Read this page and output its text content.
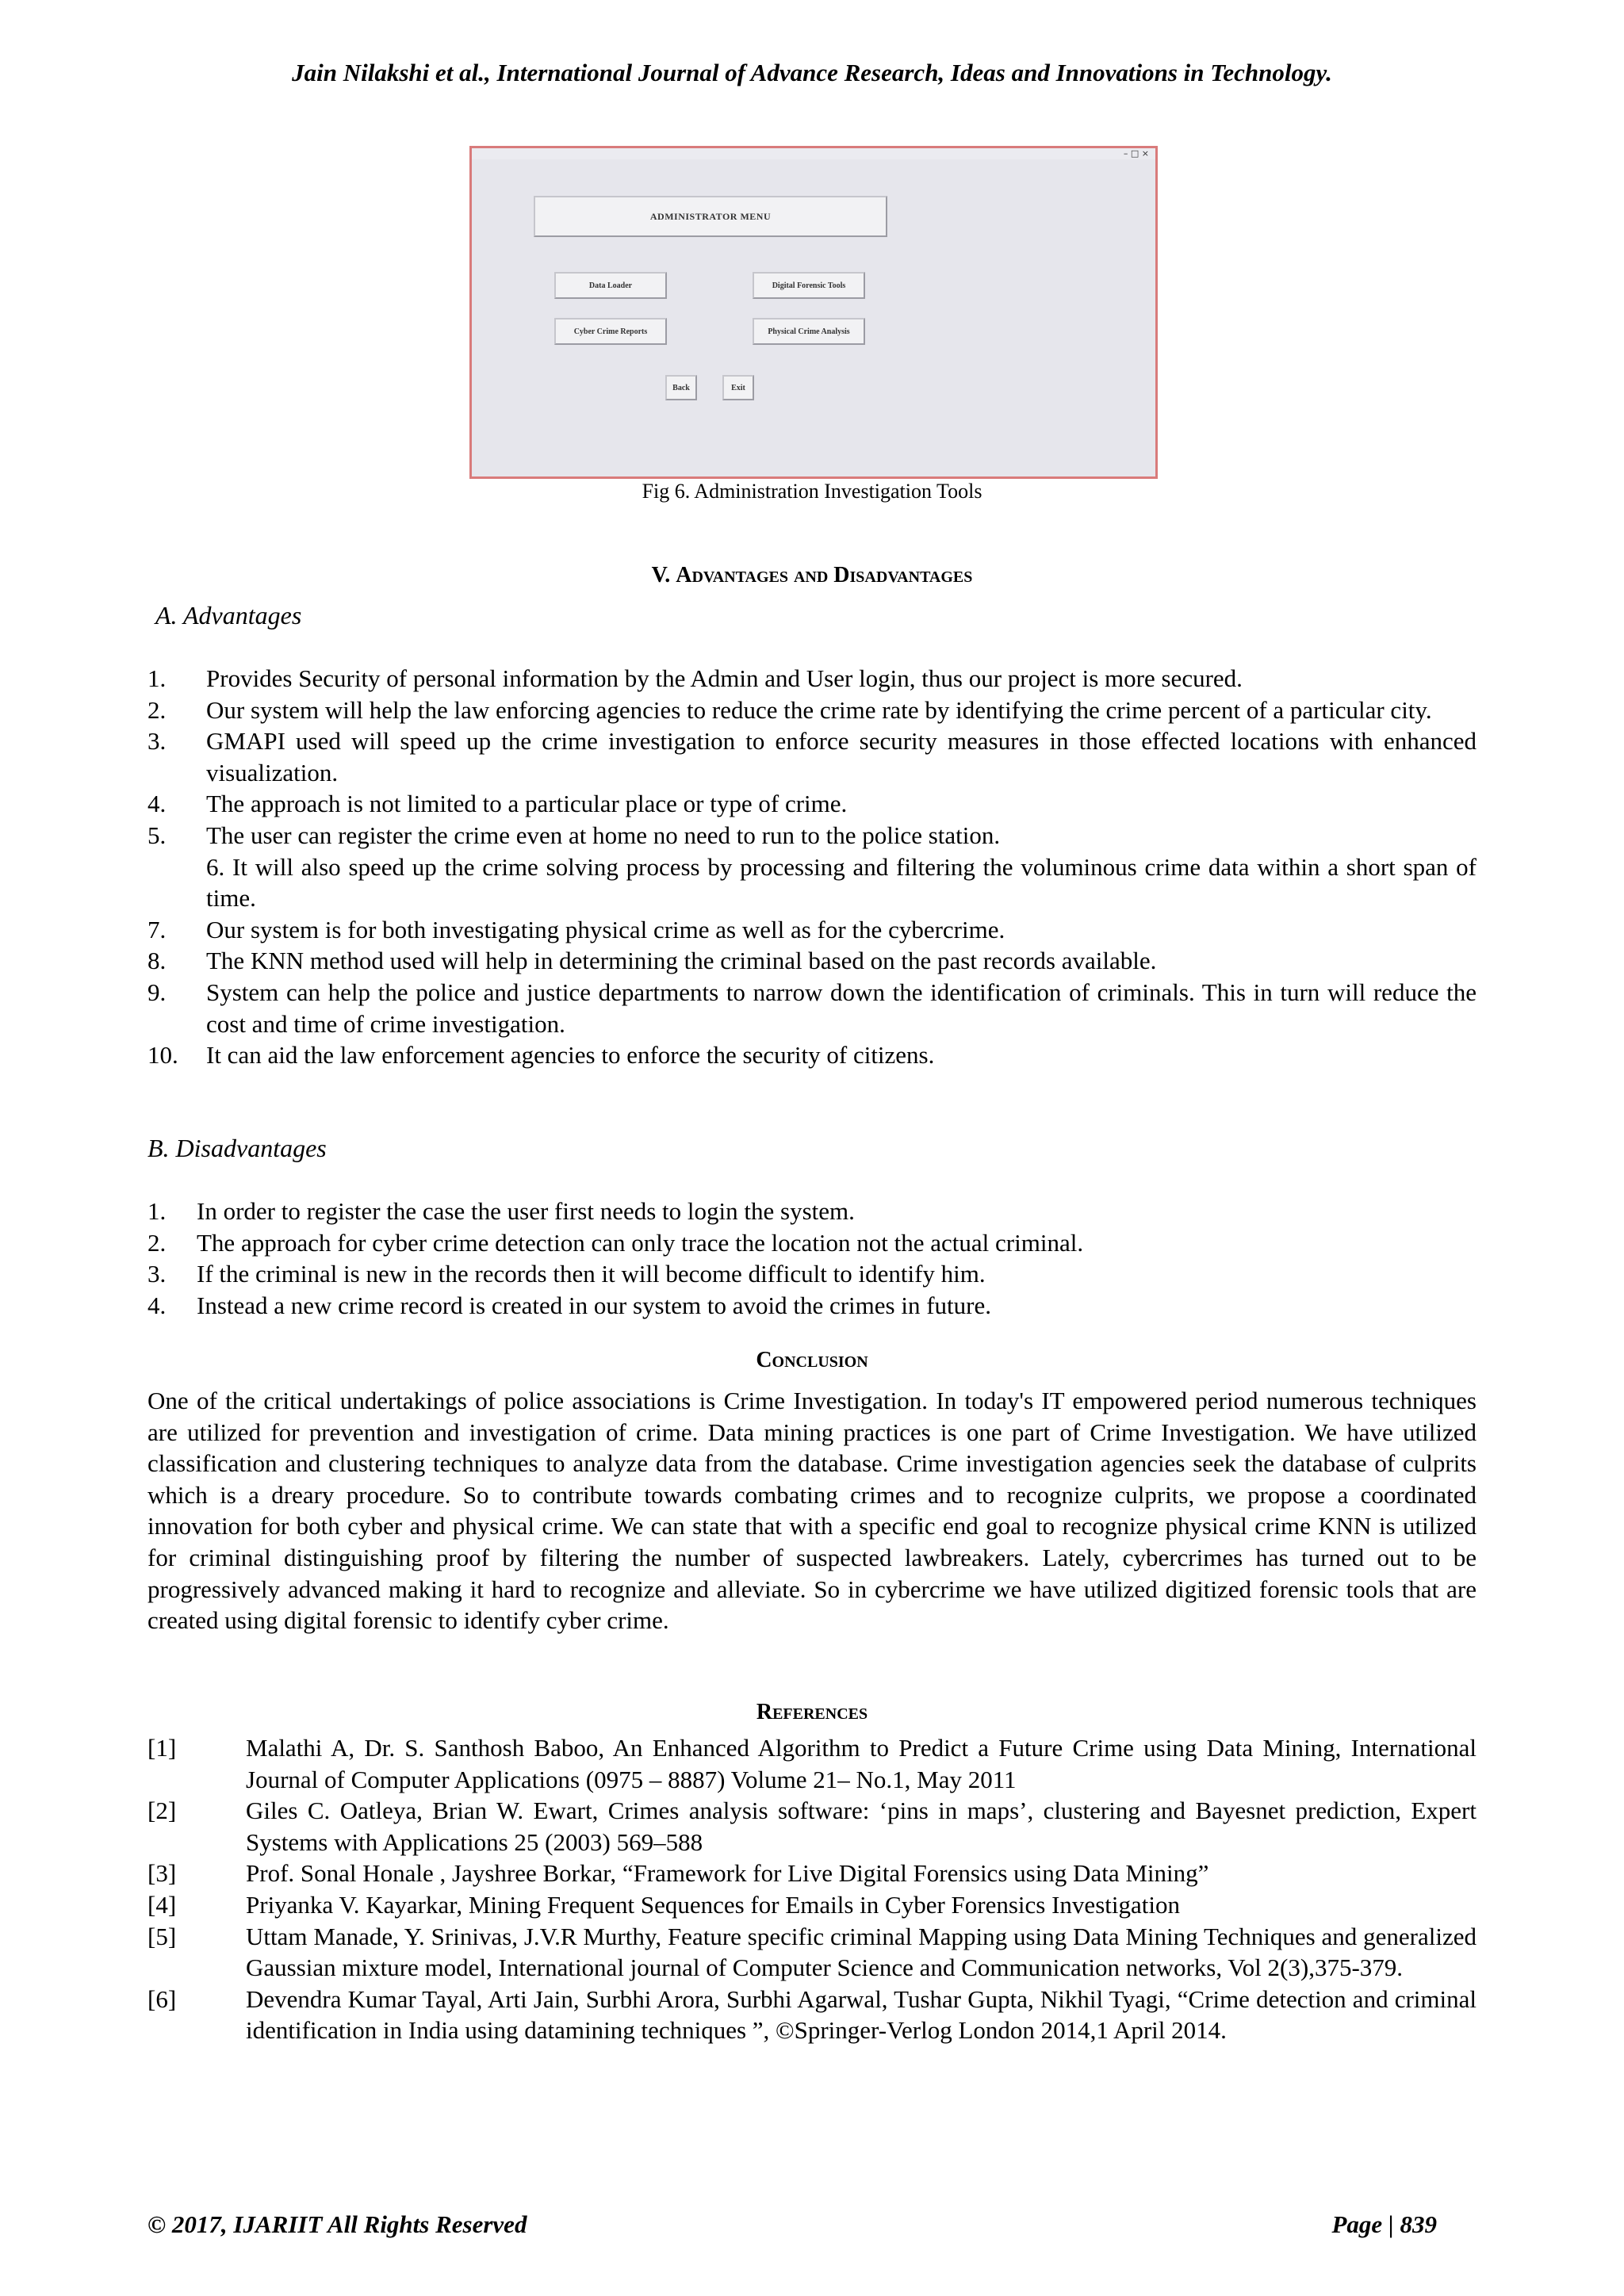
Jain Nilakshi et al., International Journal of Advance Research, Ideas and Innovations in Technology.
– □ ×
ADMINISTRATOR MENU
Data Loader	Digital Forensic Tools
Cyber Crime Reports	Physical Crime Analysis
Back	Exit
Fig 6. Administration Investigation Tools
V. Advantages and Disadvantages
A. Advantages
1. Provides Security of personal information by the Admin and User login, thus our project is more secured.
2. Our system will help the law enforcing agencies to reduce the crime rate by identifying the crime percent of a particular city.
3. GMAPI used will speed up the crime investigation to enforce security measures in those effected locations with enhanced visualization.
4. The approach is not limited to a particular place or type of crime.
5. The user can register the crime even at home no need to run to the police station.
6. It will also speed up the crime solving process by processing and filtering the voluminous crime data within a short span of time.
7. Our system is for both investigating physical crime as well as for the cybercrime.
8. The KNN method used will help in determining the criminal based on the past records available.
9. System can help the police and justice departments to narrow down the identification of criminals. This in turn will reduce the cost and time of crime investigation.
10. It can aid the law enforcement agencies to enforce the security of citizens.
B. Disadvantages
1. In order to register the case the user first needs to login the system.
2. The approach for cyber crime detection can only trace the location not the actual criminal.
3. If the criminal is new in the records then it will become difficult to identify him.
4. Instead a new crime record is created in our system to avoid the crimes in future.
Conclusion
One of the critical undertakings of police associations is Crime Investigation. In today's IT empowered period numerous techniques are utilized for prevention and investigation of crime. Data mining practices is one part of Crime Investigation. We have utilized classification and clustering techniques to analyze data from the database. Crime investigation agencies seek the database of culprits which is a dreary procedure. So to contribute towards combating crimes and to recognize culprits, we propose a coordinated innovation for both cyber and physical crime. We can state that with a specific end goal to recognize physical crime KNN is utilized for criminal distinguishing proof by filtering the number of suspected lawbreakers. Lately, cybercrimes has turned out to be progressively advanced making it hard to recognize and alleviate. So in cybercrime we have utilized digitized forensic tools that are created using digital forensic to identify cyber crime.
References
[1]	Malathi A, Dr. S. Santhosh Baboo, An Enhanced Algorithm to Predict a Future Crime using Data Mining, International Journal of Computer Applications (0975 – 8887) Volume 21– No.1, May 2011
[2]	Giles C. Oatleya, Brian W. Ewart, Crimes analysis software: ‘pins in maps’, clustering and Bayesnet prediction, Expert Systems with Applications 25 (2003) 569–588
[3]	Prof. Sonal Honale , Jayshree Borkar, “Framework for Live Digital Forensics using Data Mining”
[4]	Priyanka V. Kayarkar, Mining Frequent Sequences for Emails in Cyber Forensics Investigation
[5]	Uttam Manade, Y. Srinivas, J.V.R Murthy, Feature specific criminal Mapping using Data Mining Techniques and generalized Gaussian mixture model, International journal of Computer Science and Communication networks, Vol 2(3),375-379.
[6]	Devendra Kumar Tayal, Arti Jain, Surbhi Arora, Surbhi Agarwal, Tushar Gupta, Nikhil Tyagi, “Crime detection and criminal identification in India using datamining techniques ”, ©Springer-Verlog London 2014,1 April 2014.
© 2017, IJARIIT All Rights Reserved	Page | 839
